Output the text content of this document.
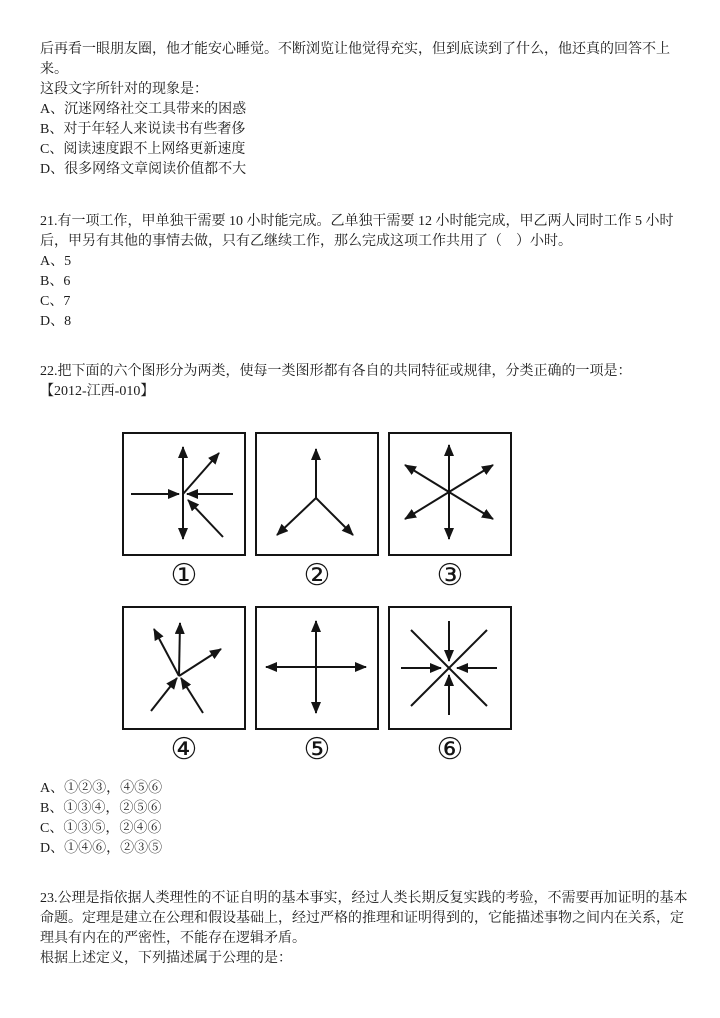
后再看一眼朋友圈，他才能安心睡觉。不断浏览让他觉得充实，但到底读到了什么，他还真的回答不上来。
这段文字所针对的现象是：
A、沉迷网络社交工具带来的困惑
B、对于年轻人来说读书有些奢侈
C、阅读速度跟不上网络更新速度
D、很多网络文章阅读价值都不大
21.有一项工作，甲单独干需要 10 小时能完成。乙单独干需要 12 小时能完成，甲乙两人同时工作 5 小时后，甲另有其他的事情去做，只有乙继续工作，那么完成这项工作共用了（　）小时。
A、5
B、6
C、7
D、8
22.把下面的六个图形分为两类，使每一类图形都有各自的共同特征或规律，分类正确的一项是：
【2012-江西-010】
①	②	③
④	⑤	⑥
A、①②③，④⑤⑥
B、①③④，②⑤⑥
C、①③⑤，②④⑥
D、①④⑥，②③⑤
23.公理是指依据人类理性的不证自明的基本事实，经过人类长期反复实践的考验，不需要再加证明的基本命题。定理是建立在公理和假设基础上，经过严格的推理和证明得到的，它能描述事物之间内在关系，定理具有内在的严密性，不能存在逻辑矛盾。
根据上述定义，下列描述属于公理的是：
